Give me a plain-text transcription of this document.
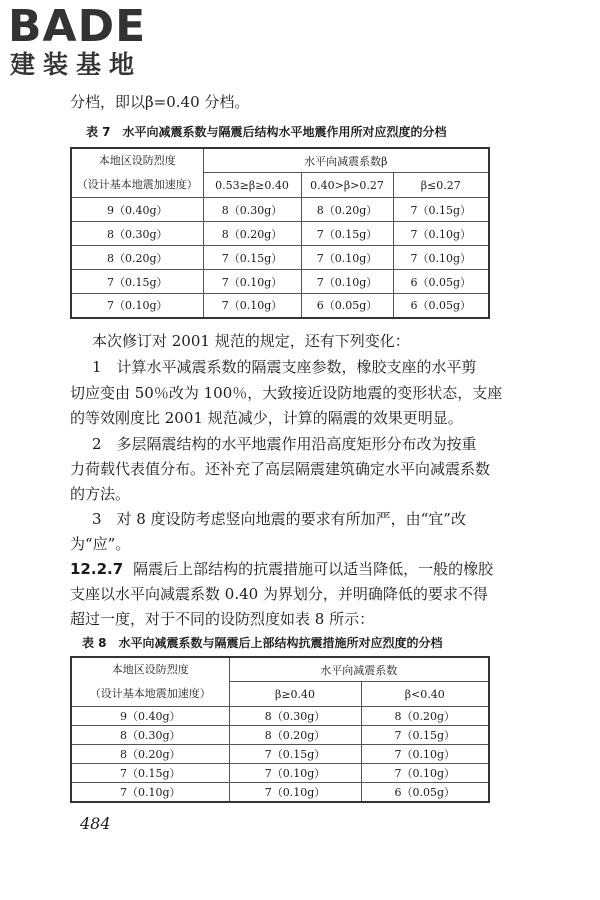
BADE
建装基地
分档，即以β=0.40 分档。
表 7　水平向减震系数与隔震后结构水平地震作用所对应烈度的分档
本地区设防烈度
（设计基本地震加速度）	水平向减震系数β		
	0.53≥β≥0.40	0.40>β>0.27	β≤0.27
9（0.40g）	8（0.30g）	8（0.20g）	7（0.15g）
8（0.30g）	8（0.20g）	7（0.15g）	7（0.10g）
8（0.20g）	7（0.15g）	7（0.10g）	7（0.10g）
7（0.15g）	7（0.10g）	7（0.10g）	6（0.05g）
7（0.10g）	7（0.10g）	6（0.05g）	6（0.05g）
本次修订对 2001 规范的规定，还有下列变化：
1　计算水平减震系数的隔震支座参数，橡胶支座的水平剪
切应变由 50％改为 100％，大致接近设防地震的变形状态，支座
的等效刚度比 2001 规范减少，计算的隔震的效果更明显。
2　多层隔震结构的水平地震作用沿高度矩形分布改为按重
力荷载代表值分布。还补充了高层隔震建筑确定水平向减震系数
的方法。
3　对 8 度设防考虑竖向地震的要求有所加严，由“宜”改
为“应”。
12.2.7 隔震后上部结构的抗震措施可以适当降低，一般的橡胶
支座以水平向减震系数 0.40 为界划分，并明确降低的要求不得
超过一度，对于不同的设防烈度如表 8 所示：
表 8　水平向减震系数与隔震后上部结构抗震措施所对应烈度的分档
本地区设防烈度
（设计基本地震加速度）	水平向减震系数	
	β≥0.40	β<0.40
9（0.40g）	8（0.30g）	8（0.20g）
8（0.30g）	8（0.20g）	7（0.15g）
8（0.20g）	7（0.15g）	7（0.10g）
7（0.15g）	7（0.10g）	7（0.10g）
7（0.10g）	7（0.10g）	6（0.05g）
484
